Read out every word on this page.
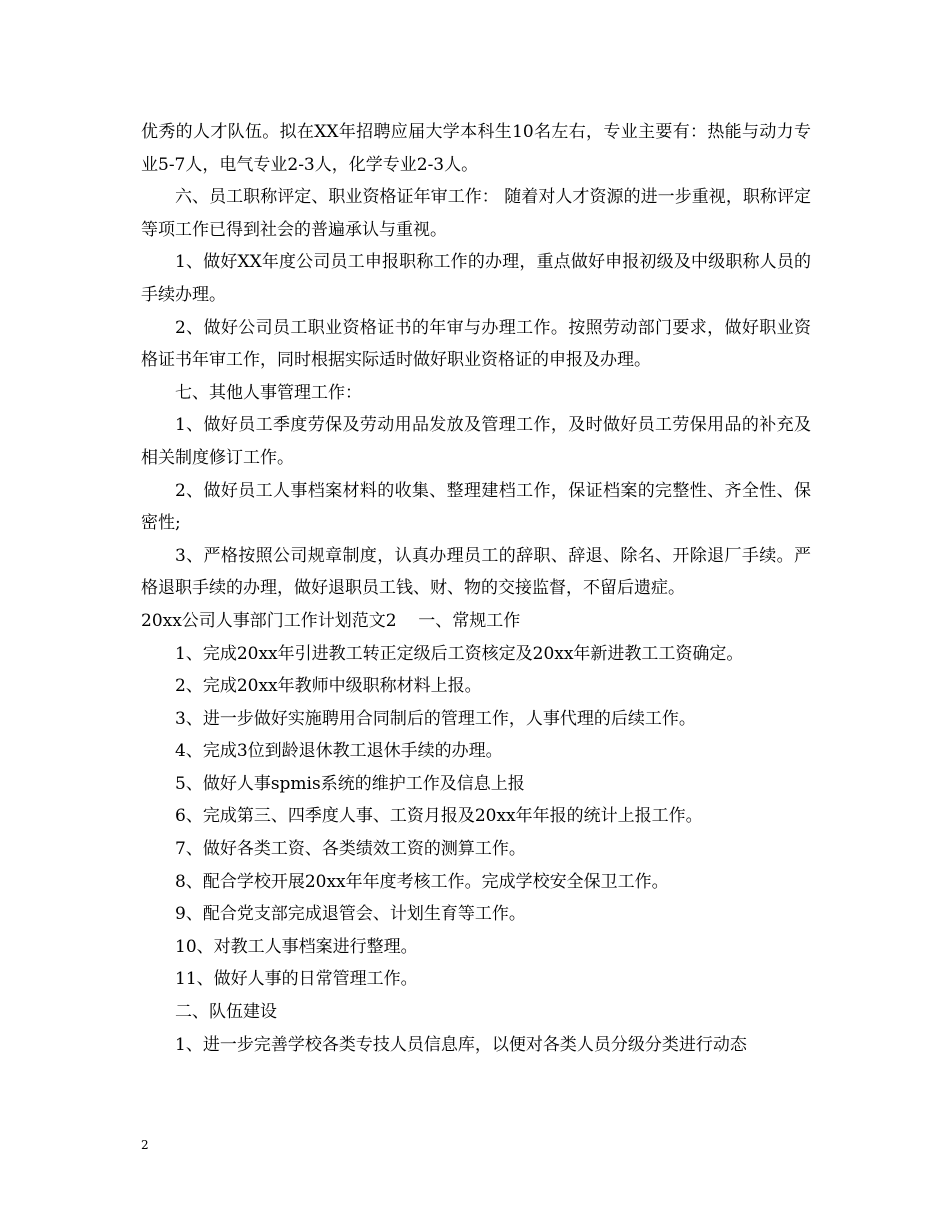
优秀的人才队伍。拟在XX年招聘应届大学本科生10名左右，专业主要有：热能与动力专业5-7人，电气专业2-3人，化学专业2-3人。

六、员工职称评定、职业资格证年审工作： 随着对人才资源的进一步重视，职称评定等项工作已得到社会的普遍承认与重视。

1、做好XX年度公司员工申报职称工作的办理，重点做好申报初级及中级职称人员的手续办理。

2、做好公司员工职业资格证书的年审与办理工作。按照劳动部门要求，做好职业资格证书年审工作，同时根据实际适时做好职业资格证的申报及办理。

七、其他人事管理工作：

1、做好员工季度劳保及劳动用品发放及管理工作，及时做好员工劳保用品的补充及相关制度修订工作。

2、做好员工人事档案材料的收集、整理建档工作，保证档案的完整性、齐全性、保密性;

3、严格按照公司规章制度，认真办理员工的辞职、辞退、除名、开除退厂手续。严格退职手续的办理，做好退职员工钱、财、物的交接监督，不留后遗症。

20xx公司人事部门工作计划范文2    一、常规工作

1、完成20xx年引进教工转正定级后工资核定及20xx年新进教工工资确定。

2、完成20xx年教师中级职称材料上报。

3、进一步做好实施聘用合同制后的管理工作，人事代理的后续工作。

4、完成3位到龄退休教工退休手续的办理。

5、做好人事spmis系统的维护工作及信息上报

6、完成第三、四季度人事、工资月报及20xx年年报的统计上报工作。

7、做好各类工资、各类绩效工资的测算工作。

8、配合学校开展20xx年年度考核工作。完成学校安全保卫工作。

9、配合党支部完成退管会、计划生育等工作。

10、对教工人事档案进行整理。

11、做好人事的日常管理工作。

二、队伍建设

1、进一步完善学校各类专技人员信息库，以便对各类人员分级分类进行动态

2
